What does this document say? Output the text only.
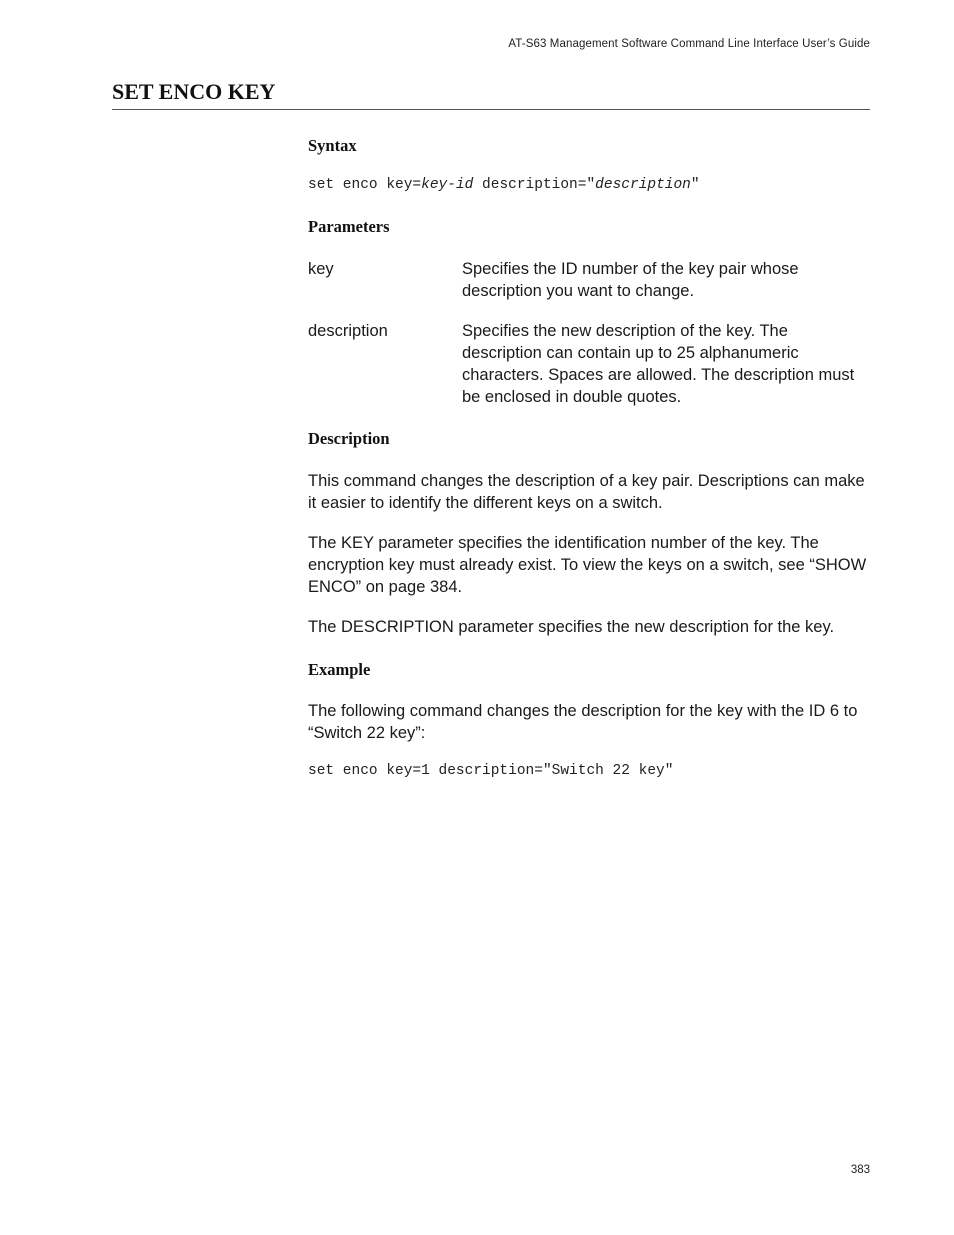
AT-S63 Management Software Command Line Interface User’s Guide
SET ENCO KEY
Syntax
set enco key=key-id description="description"
Parameters
key	Specifies the ID number of the key pair whose description you want to change.

description	Specifies the new description of the key. The description can contain up to 25 alphanumeric characters. Spaces are allowed. The description must be enclosed in double quotes.

Description

This command changes the description of a key pair. Descriptions can make it easier to identify the different keys on a switch.

The KEY parameter specifies the identification number of the key. The encryption key must already exist. To view the keys on a switch, see “SHOW ENCO” on page 384.

The DESCRIPTION parameter specifies the new description for the key.

Example

The following command changes the description for the key with the ID 6 to “Switch 22 key”:

set enco key=1 description="Switch 22 key"
383
